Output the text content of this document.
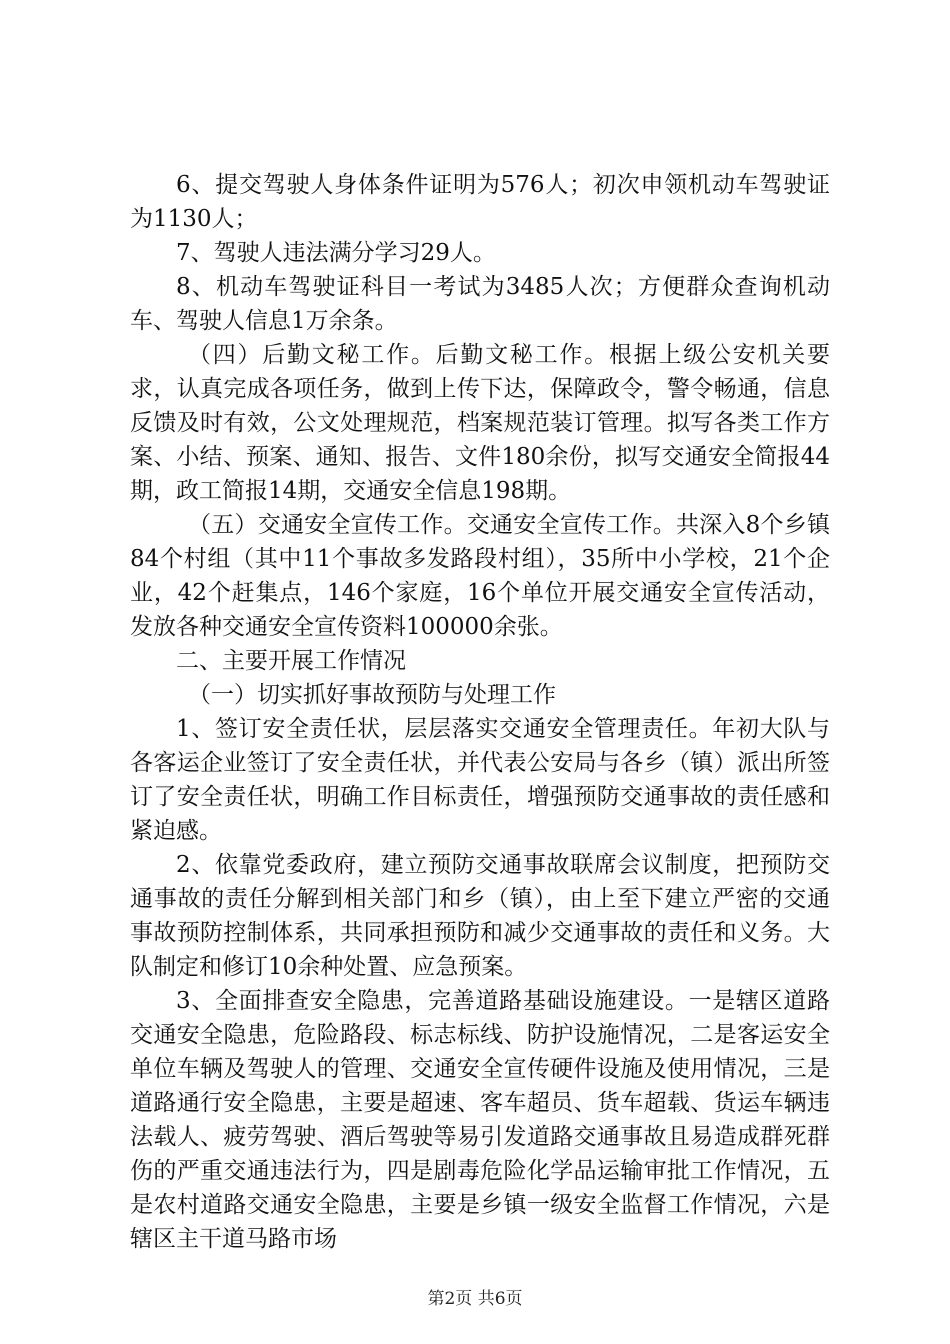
6、提交驾驶人身体条件证明为576人；初次申领机动车驾驶证为1130人；

7、驾驶人违法满分学习29人。

8、机动车驾驶证科目一考试为3485人次；方便群众查询机动车、驾驶人信息1万余条。

（四）后勤文秘工作。后勤文秘工作。根据上级公安机关要求，认真完成各项任务，做到上传下达，保障政令，警令畅通，信息反馈及时有效，公文处理规范，档案规范装订管理。拟写各类工作方案、小结、预案、通知、报告、文件180余份，拟写交通安全简报44期，政工简报14期，交通安全信息198期。

（五）交通安全宣传工作。交通安全宣传工作。共深入8个乡镇84个村组（其中11个事故多发路段村组），35所中小学校，21个企业，42个赶集点，146个家庭，16个单位开展交通安全宣传活动，发放各种交通安全宣传资料100000余张。

二、主要开展工作情况

（一）切实抓好事故预防与处理工作

1、签订安全责任状，层层落实交通安全管理责任。年初大队与各客运企业签订了安全责任状，并代表公安局与各乡（镇）派出所签订了安全责任状，明确工作目标责任，增强预防交通事故的责任感和紧迫感。

2、依靠党委政府，建立预防交通事故联席会议制度，把预防交通事故的责任分解到相关部门和乡（镇），由上至下建立严密的交通事故预防控制体系，共同承担预防和减少交通事故的责任和义务。大队制定和修订10余种处置、应急预案。

3、全面排查安全隐患，完善道路基础设施建设。一是辖区道路交通安全隐患，危险路段、标志标线、防护设施情况，二是客运安全单位车辆及驾驶人的管理、交通安全宣传硬件设施及使用情况，三是道路通行安全隐患，主要是超速、客车超员、货车超载、货运车辆违法载人、疲劳驾驶、酒后驾驶等易引发道路交通事故且易造成群死群伤的严重交通违法行为，四是剧毒危险化学品运输审批工作情况，五是农村道路交通安全隐患，主要是乡镇一级安全监督工作情况，六是辖区主干道马路市场

第2页 共6页
